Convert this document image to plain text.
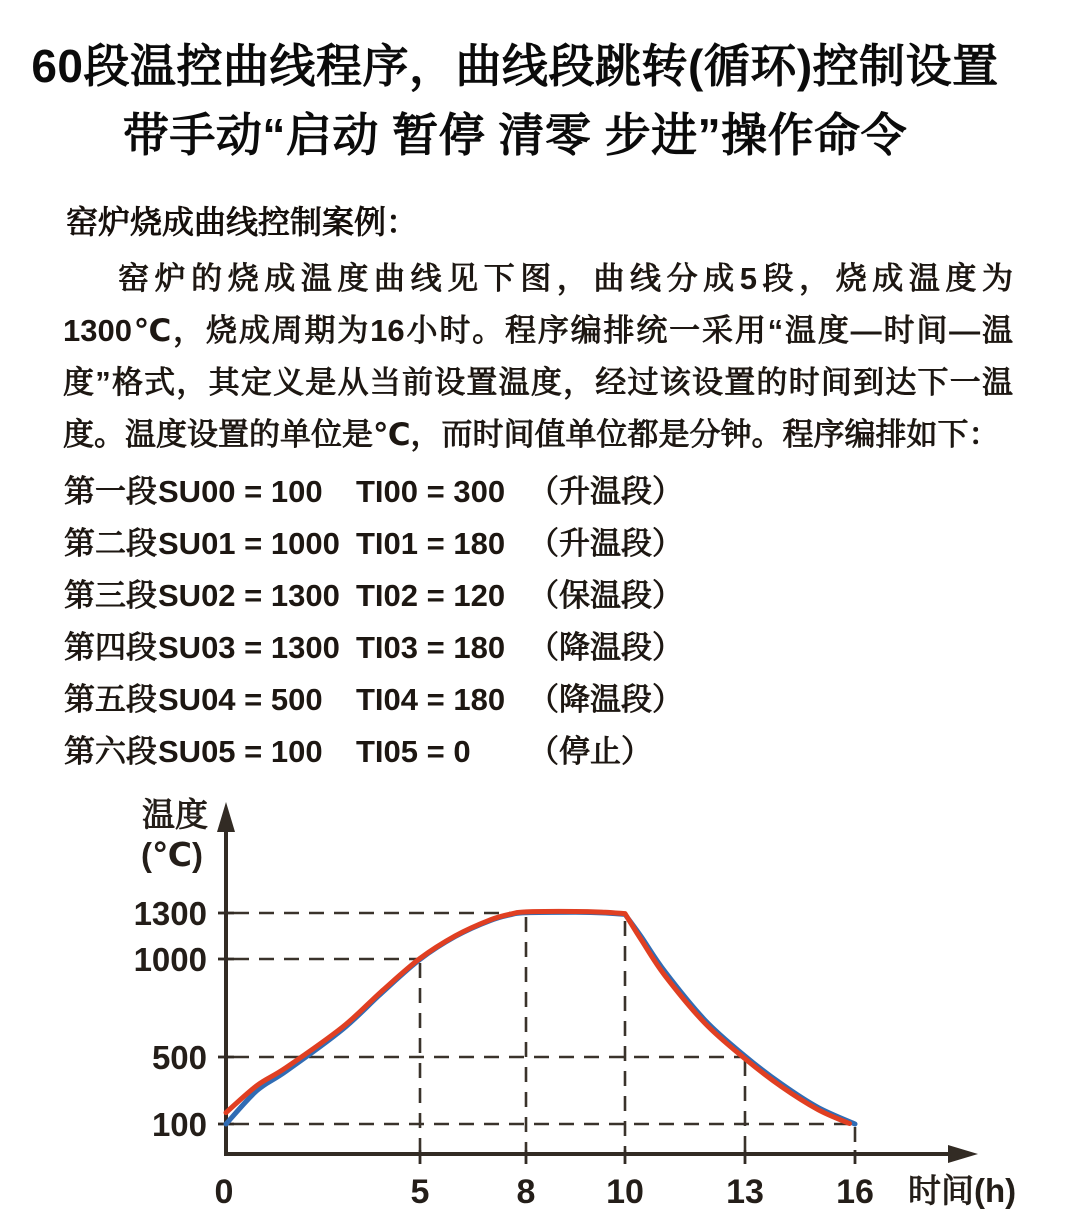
60段温控曲线程序，曲线段跳转(循环)控制设置
带手动“启动 暂停 清零 步进”操作命令
窑炉烧成曲线控制案例：

窑炉的烧成温度曲线见下图，曲线分成5段，烧成温度为1300℃，烧成周期为16小时。程序编排统一采用“温度—时间—温度”格式，其定义是从当前设置温度，经过该设置的时间到达下一温度。温度设置的单位是℃，而时间值单位都是分钟。程序编排如下：

第一段 SU00 = 100	TI00 = 300 （升温段）
第二段 SU01 = 1000 TI01 = 180 （升温段）
第三段 SU02 = 1300 TI02 = 120 （保温段）
第四段 SU03 = 1300 TI03 = 180 （降温段）
第五段 SU04 = 500	TI04 = 180 （降温段）
第六段 SU05 = 100	TI05 = 0	（停止）
温度
(℃)
1300
1000
500
100
0	5	8 10 13 16 时间(h)
